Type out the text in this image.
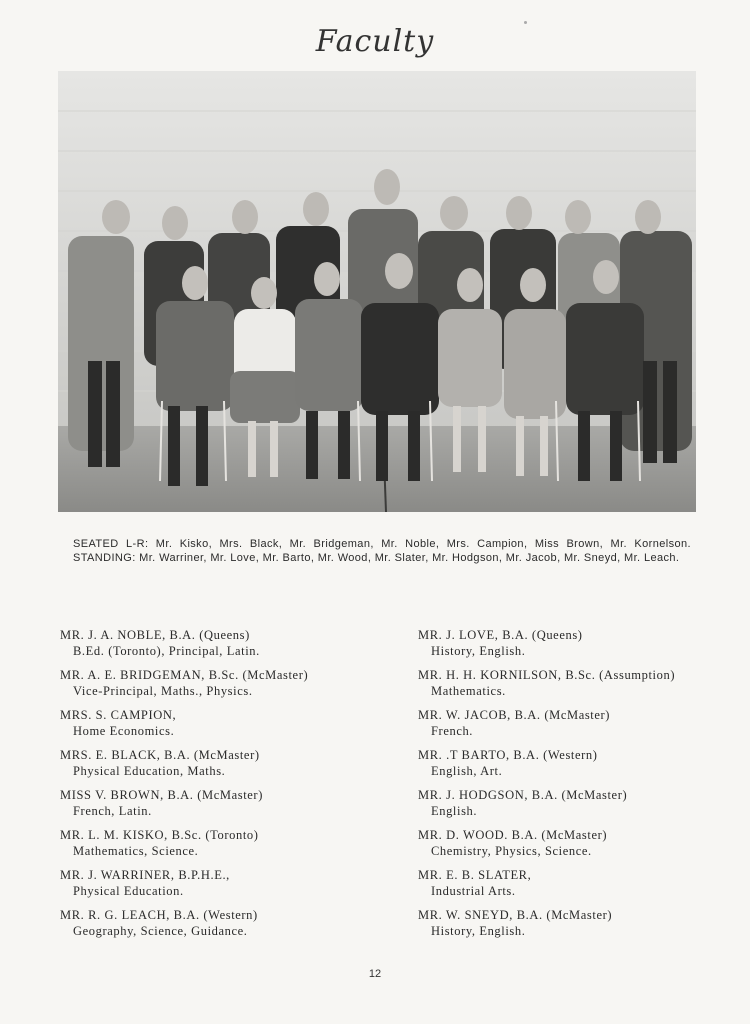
Faculty
SEATED L-R: Mr. Kisko, Mrs. Black, Mr. Bridgeman, Mr. Noble, Mrs. Campion, Miss Brown, Mr. Kornelson. STANDING: Mr. Warriner, Mr. Love, Mr. Barto, Mr. Wood, Mr. Slater, Mr. Hodgson, Mr. Jacob, Mr. Sneyd, Mr. Leach.
MR. J. A. NOBLE, B.A. (Queens)
B.Ed. (Toronto), Principal, Latin.
MR. A. E. BRIDGEMAN, B.Sc. (McMaster)
Vice-Principal, Maths., Physics.
MRS. S. CAMPION,
Home Economics.
MRS. E. BLACK, B.A. (McMaster)
Physical Education, Maths.
MISS V. BROWN, B.A. (McMaster)
French, Latin.
MR. L. M. KISKO, B.Sc. (Toronto)
Mathematics, Science.
MR. J. WARRINER, B.P.H.E.,
Physical Education.
MR. R. G. LEACH, B.A. (Western)
Geography, Science, Guidance.
MR. J. LOVE, B.A. (Queens)
History, English.
MR. H. H. KORNILSON, B.Sc. (Assumption)
Mathematics.
MR. W. JACOB, B.A. (McMaster)
French.
MR. .T BARTO, B.A. (Western)
English, Art.
MR. J. HODGSON, B.A. (McMaster)
English.
MR. D. WOOD. B.A. (McMaster)
Chemistry, Physics, Science.
MR. E. B. SLATER,
Industrial Arts.
MR. W. SNEYD, B.A. (McMaster)
History, English.
12
